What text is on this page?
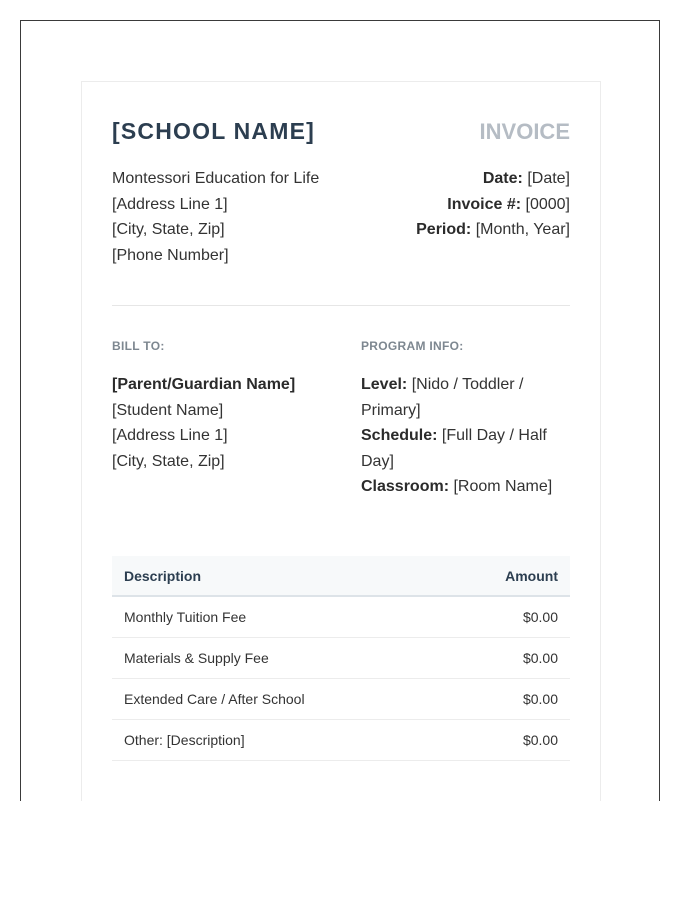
[SCHOOL NAME]	INVOICE
Montessori Education for Life
[Address Line 1]
[City, State, Zip]
[Phone Number]
Date: [Date]
Invoice #: [0000]
Period: [Month, Year]
BILL TO:	PROGRAM INFO:
[Parent/Guardian Name]
[Student Name]
[Address Line 1]
[City, State, Zip]
Level: [Nido / Toddler / Primary]
Schedule: [Full Day / Half Day]
Classroom: [Room Name]
Description	Amount
Monthly Tuition Fee	$0.00
Materials & Supply Fee	$0.00
Extended Care / After School	$0.00
Other: [Description]	$0.00
